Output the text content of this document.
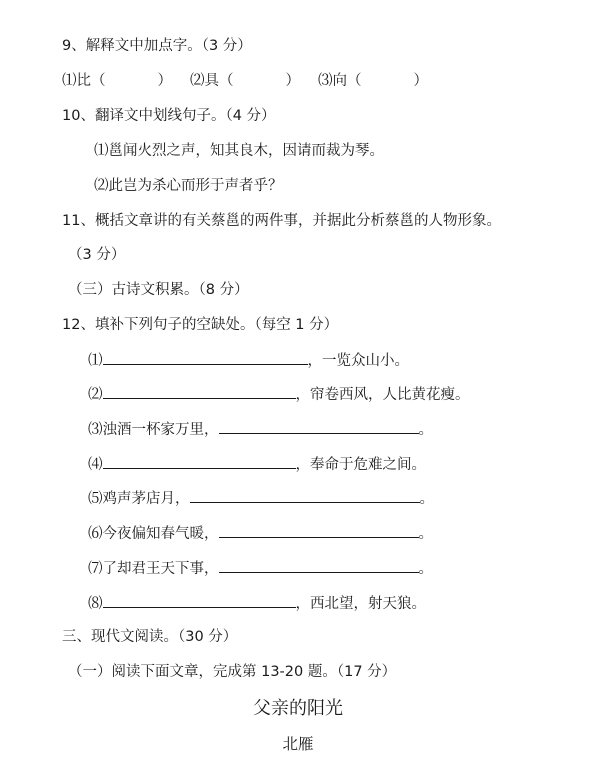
9、解释文中加点字。（3 分）
⑴比（	） ⑵具（	） ⑶向（	）
10、翻译文中划线句子。（4 分）
⑴邕闻火烈之声，知其良木，因请而裁为琴。
⑵此岂为杀心而形于声者乎？
11、概括文章讲的有关蔡邕的两件事，并据此分析蔡邕的人物形象。
（3 分）
（三）古诗文积累。（8 分）
12、填补下列句子的空缺处。（每空 1 分）
⑴	，一览众山小。
⑵	，帘卷西风，人比黄花瘦。
⑶浊酒一杯家万里，	。
⑷	，奉命于危难之间。
⑸鸡声茅店月，	。
⑹今夜偏知春气暖，	。
⑺了却君王天下事，	。
⑻	，西北望，射天狼。
三、现代文阅读。（30 分）
（一）阅读下面文章，完成第 13-20 题。（17 分）
父亲的阳光
北雁
